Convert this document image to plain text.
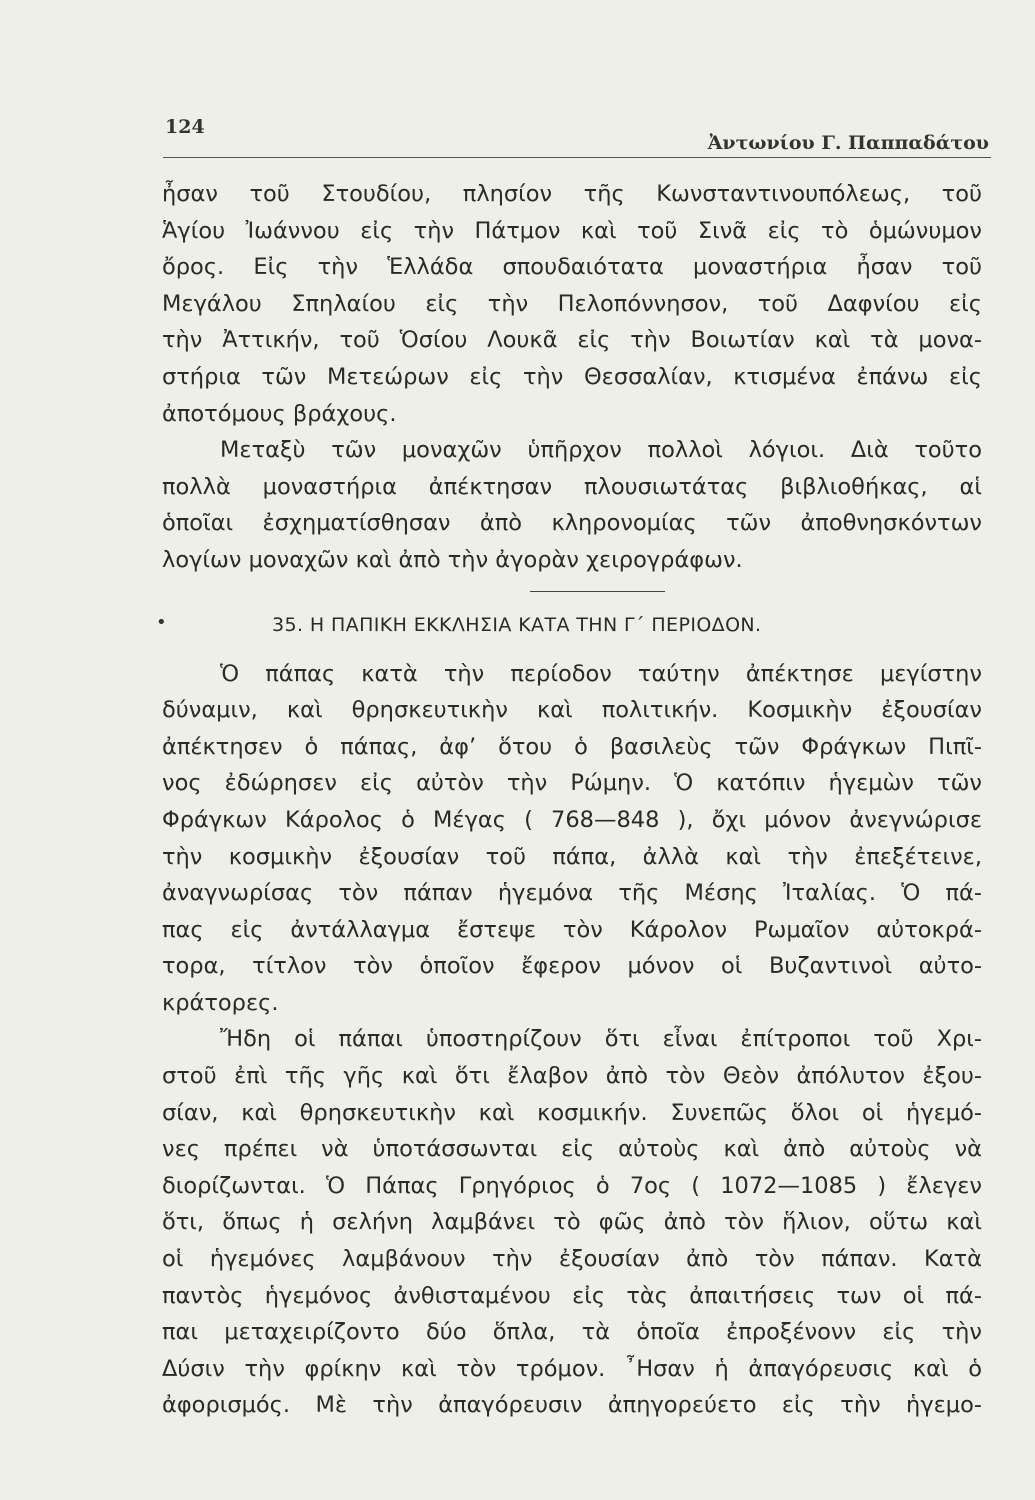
124
Ἀντωνίου Γ. Παππαδάτου
ἦσαν τοῦ Στουδίου, πλησίον τῆς Κωνσταντινουπόλεως, τοῦ
Ἁγίου Ἰωάννου εἰς τὴν Πάτμον καὶ τοῦ Σινᾶ εἰς τὸ ὁμώνυμον
ὄρος. Εἰς τὴν Ἑλλάδα σπουδαιότατα μοναστήρια ἦσαν τοῦ
Μεγάλου Σπηλαίου εἰς τὴν Πελοπόννησον, τοῦ Δαφνίου εἰς
τὴν Ἀττικήν, τοῦ Ὁσίου Λουκᾶ εἰς τὴν Βοιωτίαν καὶ τὰ μονα-
στήρια τῶν Μετεώρων εἰς τὴν Θεσσαλίαν, κτισμένα ἐπάνω εἰς
ἀποτόμους βράχους.
Μεταξὺ τῶν μοναχῶν ὑπῆρχον πολλοὶ λόγιοι. Διὰ τοῦτο
πολλὰ μοναστήρια ἀπέκτησαν πλουσιωτάτας βιβλιοθήκας, αἱ
ὁποῖαι ἐσχηματίσθησαν ἀπὸ κληρονομίας τῶν ἀποθνησκόντων
λογίων μοναχῶν καὶ ἀπὸ τὴν ἀγορὰν χειρογράφων.
•	35. Η ΠΑΠΙΚΗ ΕΚΚΛΗΣΙΑ ΚΑΤΑ ΤΗΝ Γ΄ ΠΕΡΙΟΔΟΝ.
Ὁ πάπας κατὰ τὴν περίοδον ταύτην ἀπέκτησε μεγίστην
δύναμιν, καὶ θρησκευτικὴν καὶ πολιτικήν. Κοσμικὴν ἐξουσίαν
ἀπέκτησεν ὁ πάπας, ἀφ’ ὅτου ὁ βασιλεὺς τῶν Φράγκων Πιπῖ-
νος ἐδώρησεν εἰς αὐτὸν τὴν Ρώμην. Ὁ κατόπιν ἡγεμὼν τῶν
Φράγκων Κάρολος ὁ Μέγας ( 768—848 ), ὄχι μόνον ἀνεγνώρισε
τὴν κοσμικὴν ἐξουσίαν τοῦ πάπα, ἀλλὰ καὶ τὴν ἐπεξέτεινε,
ἀναγνωρίσας τὸν πάπαν ἡγεμόνα τῆς Μέσης Ἰταλίας. Ὁ πά-
πας εἰς ἀντάλλαγμα ἔστεψε τὸν Κάρολον Ρωμαῖον αὐτοκρά-
τορα, τίτλον τὸν ὁποῖον ἔφερον μόνον οἱ Βυζαντινοὶ αὐτο-
κράτορες.
Ἤδη οἱ πάπαι ὑποστηρίζουν ὅτι εἶναι ἐπίτροποι τοῦ Χρι-
στοῦ ἐπὶ τῆς γῆς καὶ ὅτι ἔλαβον ἀπὸ τὸν Θεὸν ἀπόλυτον ἐξου-
σίαν, καὶ θρησκευτικὴν καὶ κοσμικήν. Συνεπῶς ὅλοι οἱ ἡγεμό-
νες πρέπει νὰ ὑποτάσσωνται εἰς αὐτοὺς καὶ ἀπὸ αὐτοὺς νὰ
διορίζωνται. Ὁ Πάπας Γρηγόριος ὁ 7ος ( 1072—1085 ) ἔλεγεν
ὅτι, ὅπως ἡ σελήνη λαμβάνει τὸ φῶς ἀπὸ τὸν ἥλιον, οὕτω καὶ
οἱ ἡγεμόνες λαμβάνουν τὴν ἐξουσίαν ἀπὸ τὸν πάπαν. Κατὰ
παντὸς ἡγεμόνος ἀνθισταμένου εἰς τὰς ἀπαιτήσεις των οἱ πά-
παι μεταχειρίζοντο δύο ὅπλα, τὰ ὁποῖα ἐπροξένονν εἰς τὴν
Δύσιν τὴν φρίκην καὶ τὸν τρόμον. ῏Ησαν ἡ ἀπαγόρευσις καὶ ὁ
ἀφορισμός. Μὲ τὴν ἀπαγόρευσιν ἀπηγορεύετο εἰς τὴν ἡγεμο-
